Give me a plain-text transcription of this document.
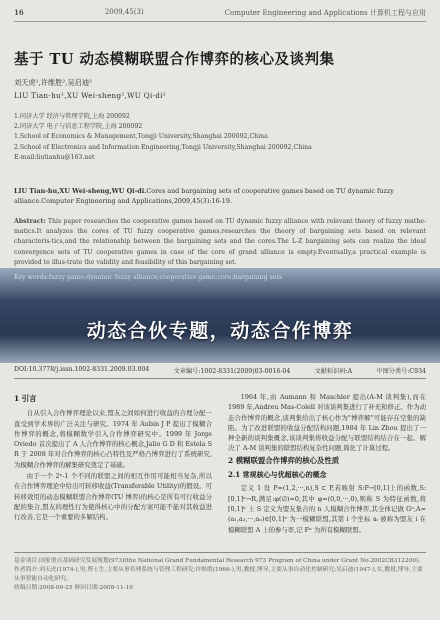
16	2009,45(3)	Computer Engineering and Applications 计算机工程与应用
基于 TU 动态模糊联盟合作博弈的核心及谈判集
刘天虎¹,许维胜²,吴启迪²
LIU Tian-hu¹,XU Wei-sheng²,WU Qi-di²
1.同济大学 经济与管理学院,上海 200092
2.同济大学 电子与信息工程学院,上海 200092
1.School of Economics & Management,Tongji University,Shanghai 200092,China
2.School of Electronics and Information Engineering,Tongji University,Shanghai 200092,China
E-mail:liutianhu@163.net
LIU Tian-hu,XU Wei-sheng,WU Qi-di.Cores and bargaining sets of cooperative games based on TU dynamic fuzzy alliance.Computer Engineering and Applications,2009,45(3):16-19.
Abstract: This paper researches the cooperative games based on TU dynamic fuzzy alliance with relevant theory of fuzzy mathe-matics.It analyzes the cores of TU fuzzy cooperative games,researches the theory of bargaining sets based on relevant characteris-tics,and the relationship between the bargaining sets and the cores.The L-Z bargaining sets can realize the ideal convergence sets of TU cooperative games in case of the core of grand alliance is empty.Eventually,a practical example is provided to illus-trate the validity and feasibility of this bargaining set.
Key words:fuzzy game;dynamic fuzzy alliance;cooperative game;core;bargaining sets
动态合伙专题，动态合作博弈
DOI:10.3778/j.issn.1002-8331.2009.03.004	文章编号:1002-8331(2009)03-0016-04	文献标识码:A	中图分类号:C934
1 引言

自从引入合作博弈理论以来,盟友之间如何进行收益的合理分配一直受到学术界的广泛关注与研究。1974 年 Aubin J P 提出了模糊合作博弈的概念,将模糊数学引入合作博弈研究中。1999 年 Jorge Oviedo 首次提出了 A 人合作博弈的核心概念,Jalio G D 和 Estela S R 于 2008 年对合作博弈的核心凸特性及严格凸博弈进行了系统研究,为模糊合作博弈的解集研究奠定了基础。

由于一个 2ⁿ-1 个不同的联盟之间的相互作用可能相当复杂,所以在合作博弈理论中给出可转移收益(Transferable Utility)的假设。可转移效用的动态模糊联盟合作博弈(TU 博弈)的核心是所有可行收益分配的集合,盟友的理性行为使得核心中的分配方案可能不能对其收益进行改善,它是一个重要的多解结构。

1964 年,由 Aumann 和 Maschler 提出(A-M 谈判集),而在 1989 年,Andreu Mas-Colell 对该谈判集进行了补充和修正。作为动态合作博弈的概念,谈判集给出了核心作为"博弈解"可能存在空集的缺陷。为了改进联盟的收益分配结构问题,1984 年 Lin Zhou 提出了一种全新的谈判集概念,该谈判集将收益分配与联盟结构结合在一起。解决了 A-M 谈判集的联盟结构复杂性问题,简化了计算过程。

2 模糊联盟合作博弈的核心及性质
2.1 常规核心与优超核心的概念

定义 1 设 P=(1,2,···,n),S ⊂ P,若映射 S:P→[0,1]上的函数,S:[0,1]ⁿ→R,满足:φ(∅)=0,其中 φ=(0,0,···,0),则称 S 为特征函数,将 [0,1]ⁿ 上 S 定义为盟友集合的 n 人模糊合作博弈,其全体记做 Gⁿ,A=(a₁,a₂,···,aₙ)∈[0,1]ⁿ 为一模糊联盟,其第 i 个坐标 aᵢ 被称为盟友 i 在模糊联盟 A 上的参与率,记 Fⁿ 为所有模糊联盟。

基金项目:国家重点基础研究发展规划(973)(the National Grand Fundamental Research 973 Program of China under Grant No.2002CB312200)。
作者简介:刘天虎(1974-),男,博士生,主要从事管理系统与管理工程研究;许维胜(1966-),男,教授,博导,主要从事自动化控制研究;吴启迪(1947-),女,教授,博导,主要从事智能自动化研究。
收稿日期:2008-09-25 修回日期:2008-11-10
